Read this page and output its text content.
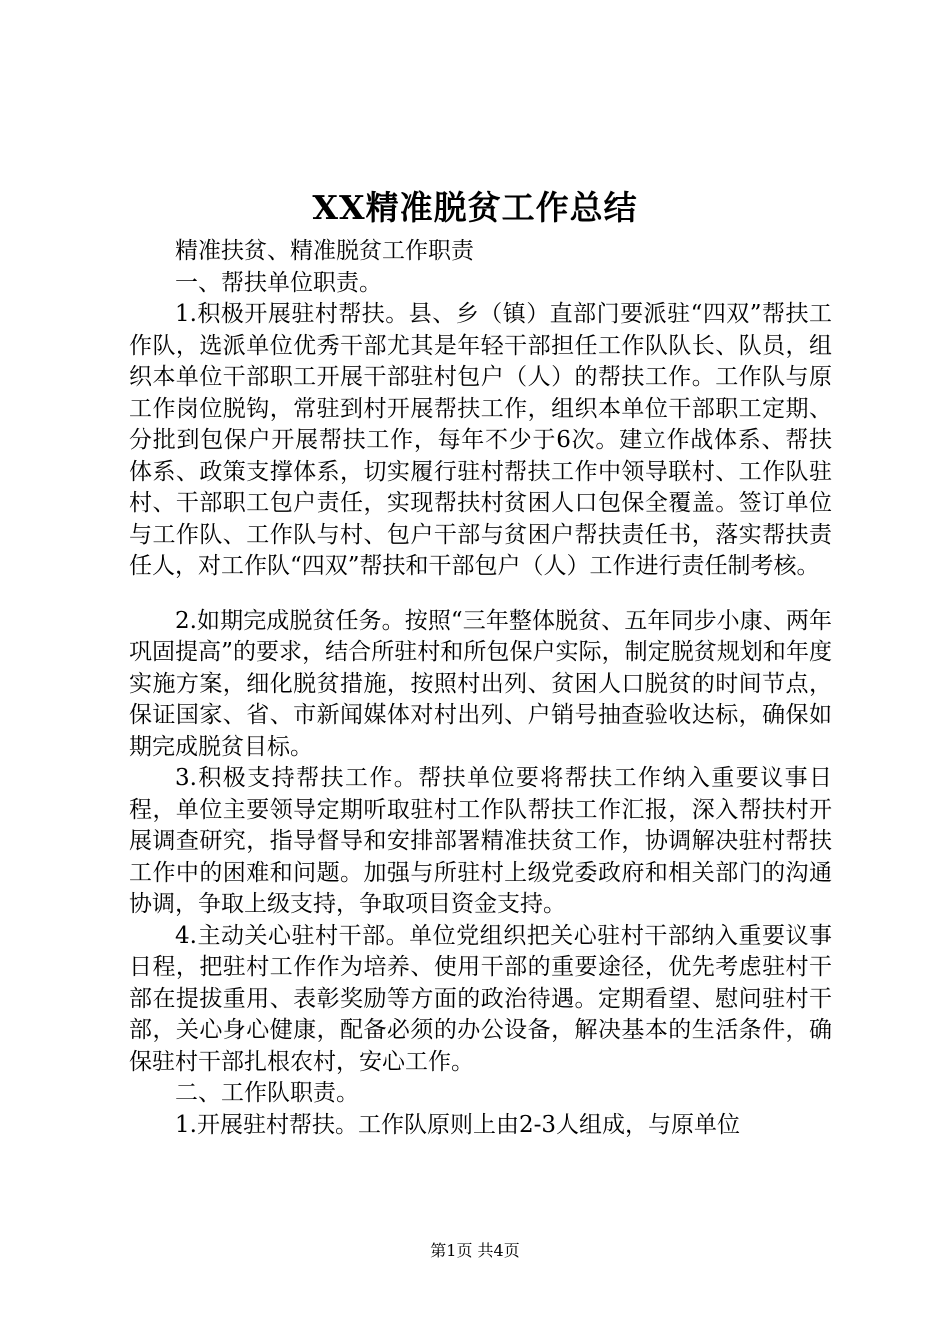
XX精准脱贫工作总结

精准扶贫、精准脱贫工作职责

一、帮扶单位职责。

1.积极开展驻村帮扶。县、乡（镇）直部门要派驻“四双”帮扶工作队，选派单位优秀干部尤其是年轻干部担任工作队队长、队员，组织本单位干部职工开展干部驻村包户（人）的帮扶工作。工作队与原工作岗位脱钩，常驻到村开展帮扶工作，组织本单位干部职工定期、分批到包保户开展帮扶工作，每年不少于6次。建立作战体系、帮扶体系、政策支撑体系，切实履行驻村帮扶工作中领导联村、工作队驻村、干部职工包户责任，实现帮扶村贫困人口包保全覆盖。签订单位与工作队、工作队与村、包户干部与贫困户帮扶责任书，落实帮扶责任人，对工作队“四双”帮扶和干部包户（人）工作进行责任制考核。

2.如期完成脱贫任务。按照“三年整体脱贫、五年同步小康、两年巩固提高”的要求，结合所驻村和所包保户实际，制定脱贫规划和年度实施方案，细化脱贫措施，按照村出列、贫困人口脱贫的时间节点，保证国家、省、市新闻媒体对村出列、户销号抽查验收达标，确保如期完成脱贫目标。

3.积极支持帮扶工作。帮扶单位要将帮扶工作纳入重要议事日程，单位主要领导定期听取驻村工作队帮扶工作汇报，深入帮扶村开展调查研究，指导督导和安排部署精准扶贫工作，协调解决驻村帮扶工作中的困难和问题。加强与所驻村上级党委政府和相关部门的沟通协调，争取上级支持，争取项目资金支持。

4.主动关心驻村干部。单位党组织把关心驻村干部纳入重要议事日程，把驻村工作作为培养、使用干部的重要途径，优先考虑驻村干部在提拔重用、表彰奖励等方面的政治待遇。定期看望、慰问驻村干部，关心身心健康，配备必须的办公设备，解决基本的生活条件，确保驻村干部扎根农村，安心工作。

二、工作队职责。

1.开展驻村帮扶。工作队原则上由2-3人组成，与原单位

第1页 共4页
